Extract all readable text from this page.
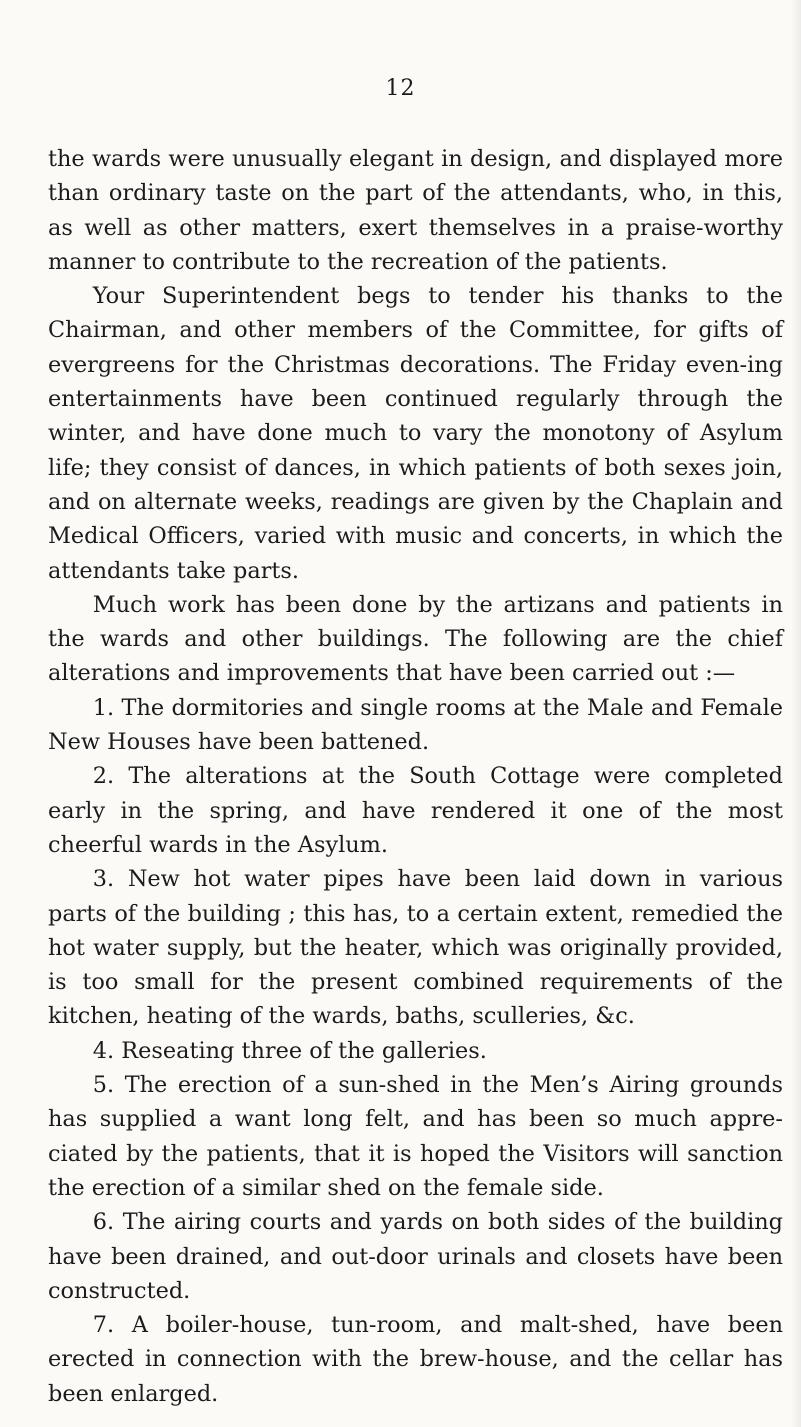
12

the wards were unusually elegant in design, and displayed more than ordinary taste on the part of the attendants, who, in this, as well as other matters, exert themselves in a praise-worthy manner to contribute to the recreation of the patients.

Your Superintendent begs to tender his thanks to the Chairman, and other members of the Committee, for gifts of evergreens for the Christmas decorations. The Friday even-ing entertainments have been continued regularly through the winter, and have done much to vary the monotony of Asylum life; they consist of dances, in which patients of both sexes join, and on alternate weeks, readings are given by the Chaplain and Medical Officers, varied with music and concerts, in which the attendants take parts.

Much work has been done by the artizans and patients in the wards and other buildings. The following are the chief alterations and improvements that have been carried out :—

1. The dormitories and single rooms at the Male and Female New Houses have been battened.

2. The alterations at the South Cottage were completed early in the spring, and have rendered it one of the most cheerful wards in the Asylum.

3. New hot water pipes have been laid down in various parts of the building ; this has, to a certain extent, remedied the hot water supply, but the heater, which was originally provided, is too small for the present combined requirements of the kitchen, heating of the wards, baths, sculleries, &c.

4. Reseating three of the galleries.

5. The erection of a sun-shed in the Men’s Airing grounds has supplied a want long felt, and has been so much appre-ciated by the patients, that it is hoped the Visitors will sanction the erection of a similar shed on the female side.

6. The airing courts and yards on both sides of the building have been drained, and out-door urinals and closets have been constructed.

7. A boiler-house, tun-room, and malt-shed, have been erected in connection with the brew-house, and the cellar has been enlarged.
